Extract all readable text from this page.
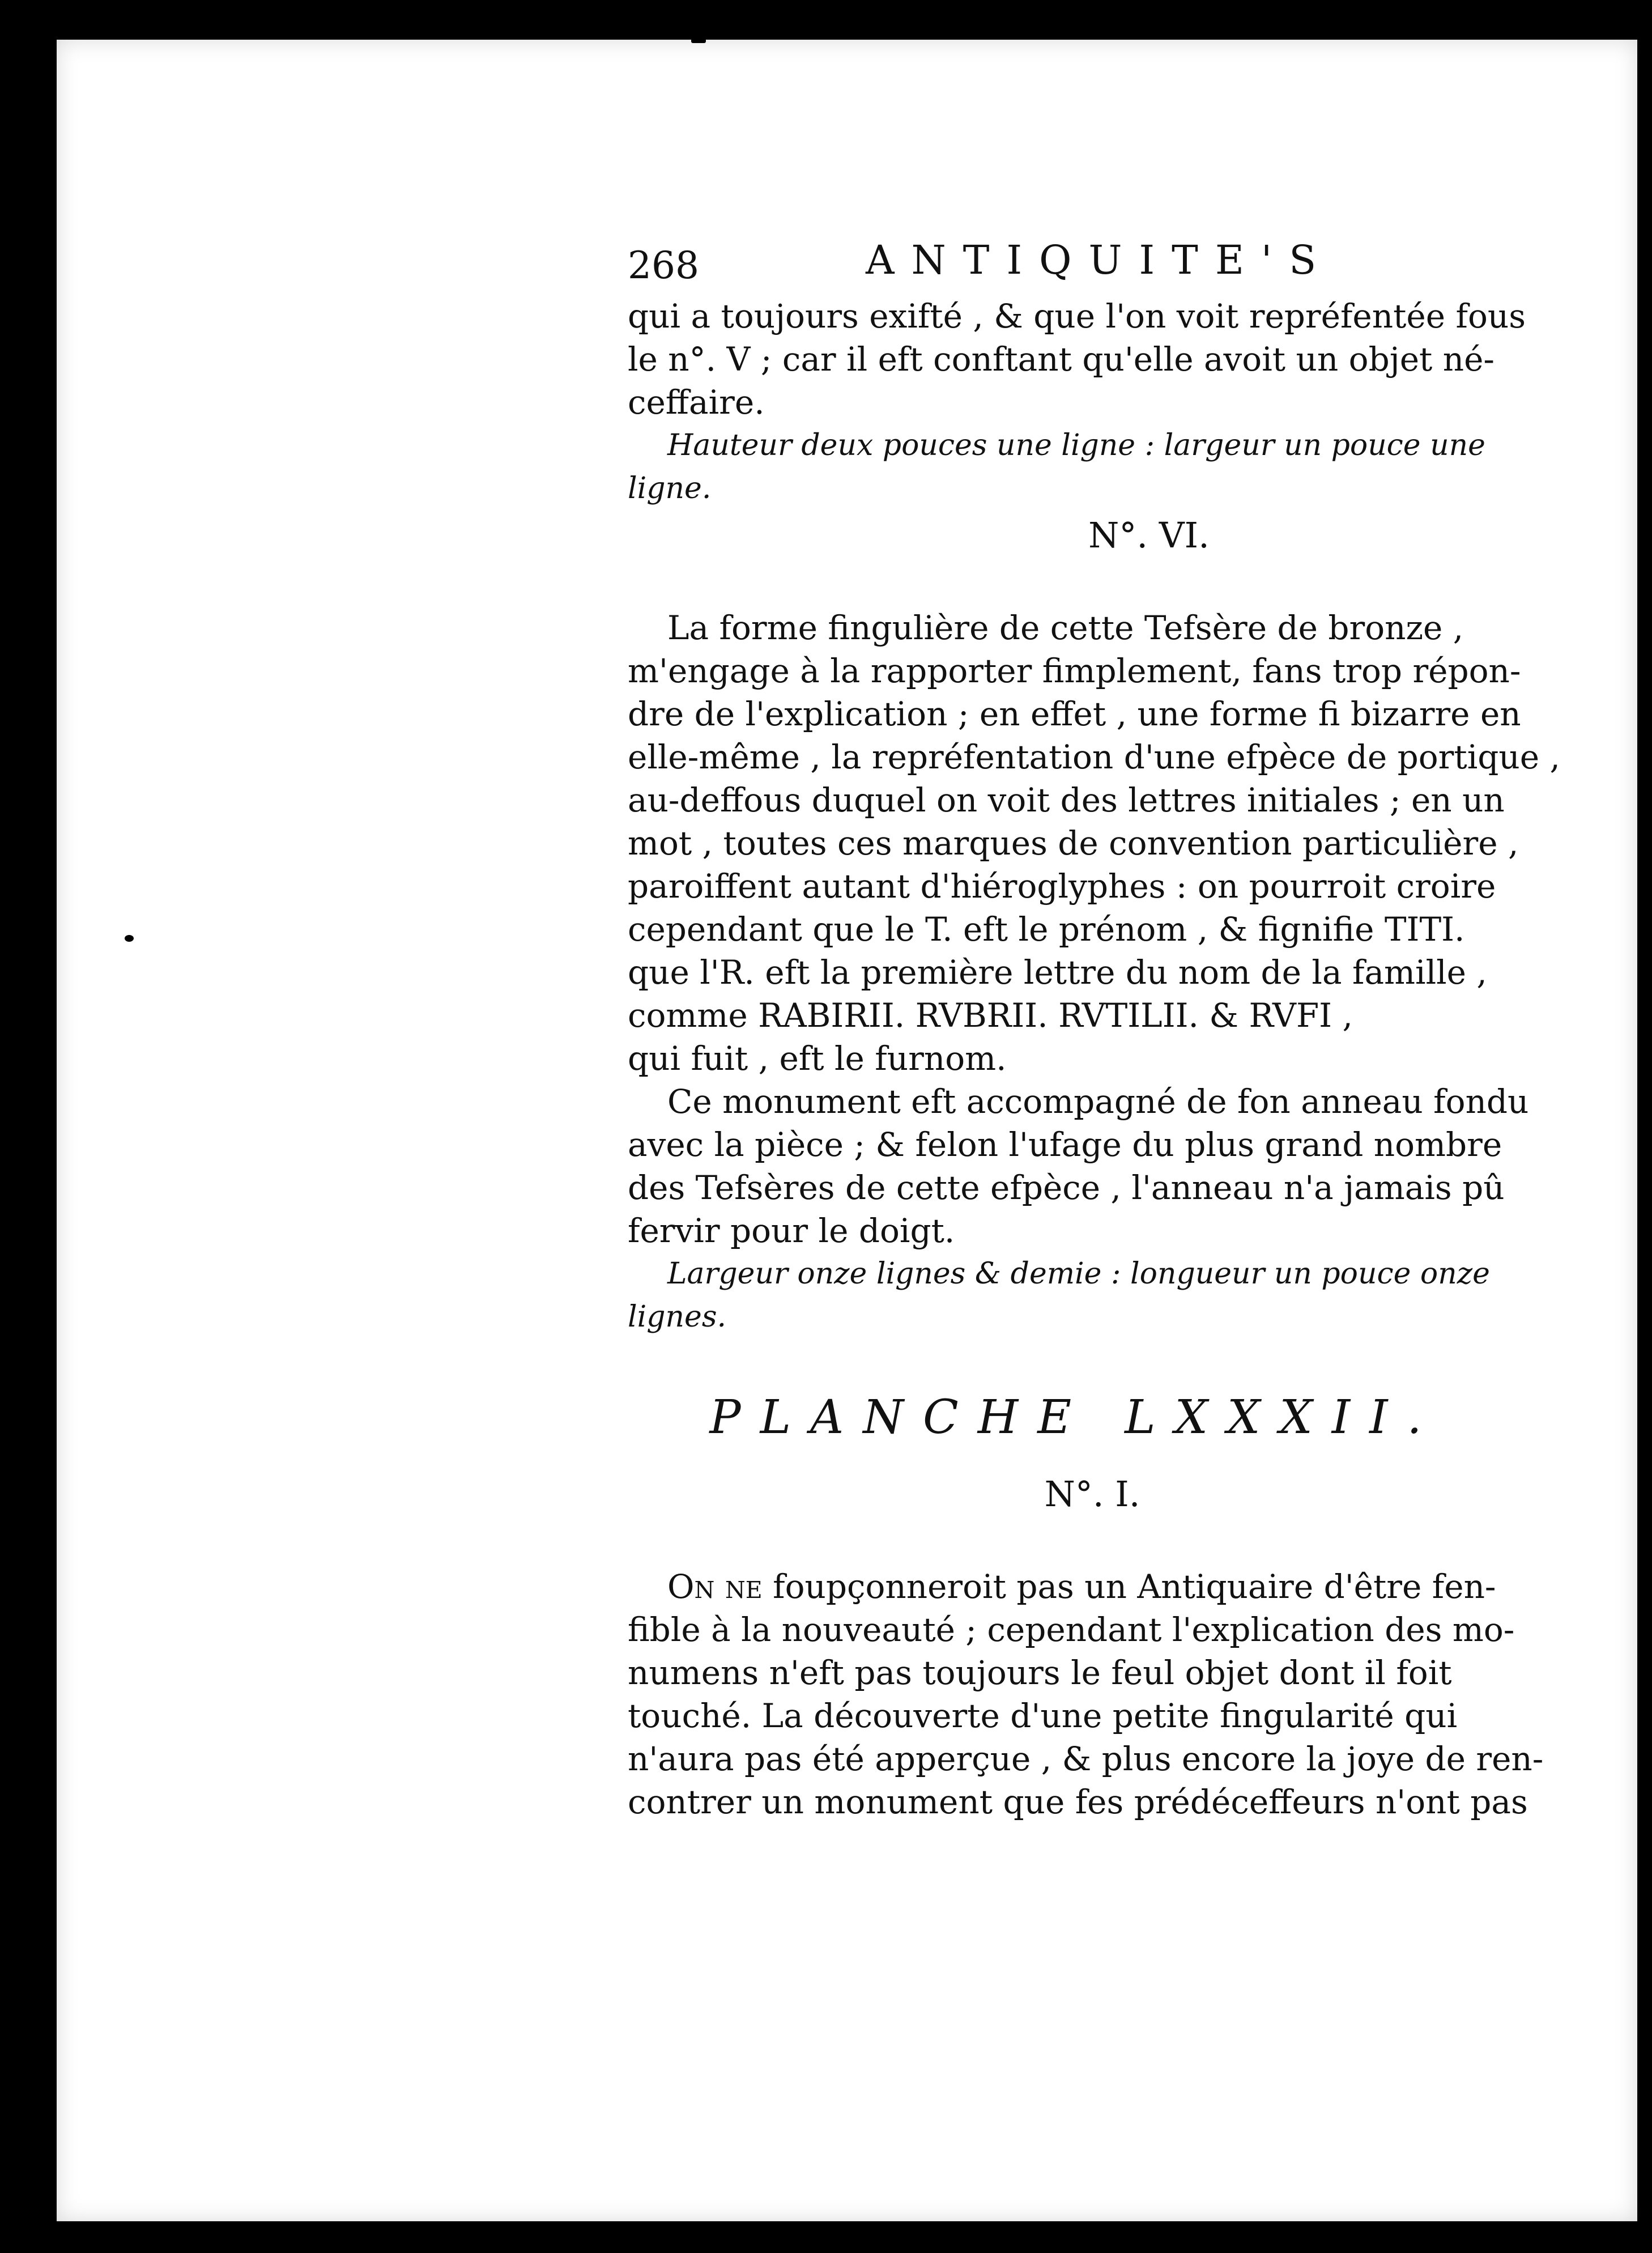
268	ANTIQUITE'S

qui a toujours exifté , & que l'on voit repréfentée fous

le n°. V ; car il eft conftant qu'elle avoit un objet né-

ceffaire.

Hauteur deux pouces une ligne : largeur un pouce une

ligne.

N°. VI.

La forme fingulière de cette Tefsère de bronze ,

m'engage à la rapporter fimplement, fans trop répon-

dre de l'explication ; en effet , une forme fi bizarre en

elle-même , la repréfentation d'une efpèce de portique ,

au-deffous duquel on voit des lettres initiales ; en un

mot , toutes ces marques de convention particulière ,

paroiffent autant d'hiéroglyphes : on pourroit croire

cependant que le T. eft le prénom , & fignifie TITI.

que l'R. eft la première lettre du nom de la famille ,

comme RABIRII. RVBRII. RVTILII. & RVFI ,

qui fuit , eft le furnom.

Ce monument eft accompagné de fon anneau fondu

avec la pièce ; & felon l'ufage du plus grand nombre

des Tefsères de cette efpèce , l'anneau n'a jamais pû

fervir pour le doigt.

Largeur onze lignes & demie : longueur un pouce onze

lignes.

PLANCHE LXXXII.

N°. I.

On ne foupçonneroit pas un Antiquaire d'être fen-

fible à la nouveauté ; cependant l'explication des mo-

numens n'eft pas toujours le feul objet dont il foit

touché. La découverte d'une petite fingularité qui

n'aura pas été apperçue , & plus encore la joye de ren-

contrer un monument que fes prédéceffeurs n'ont pas
